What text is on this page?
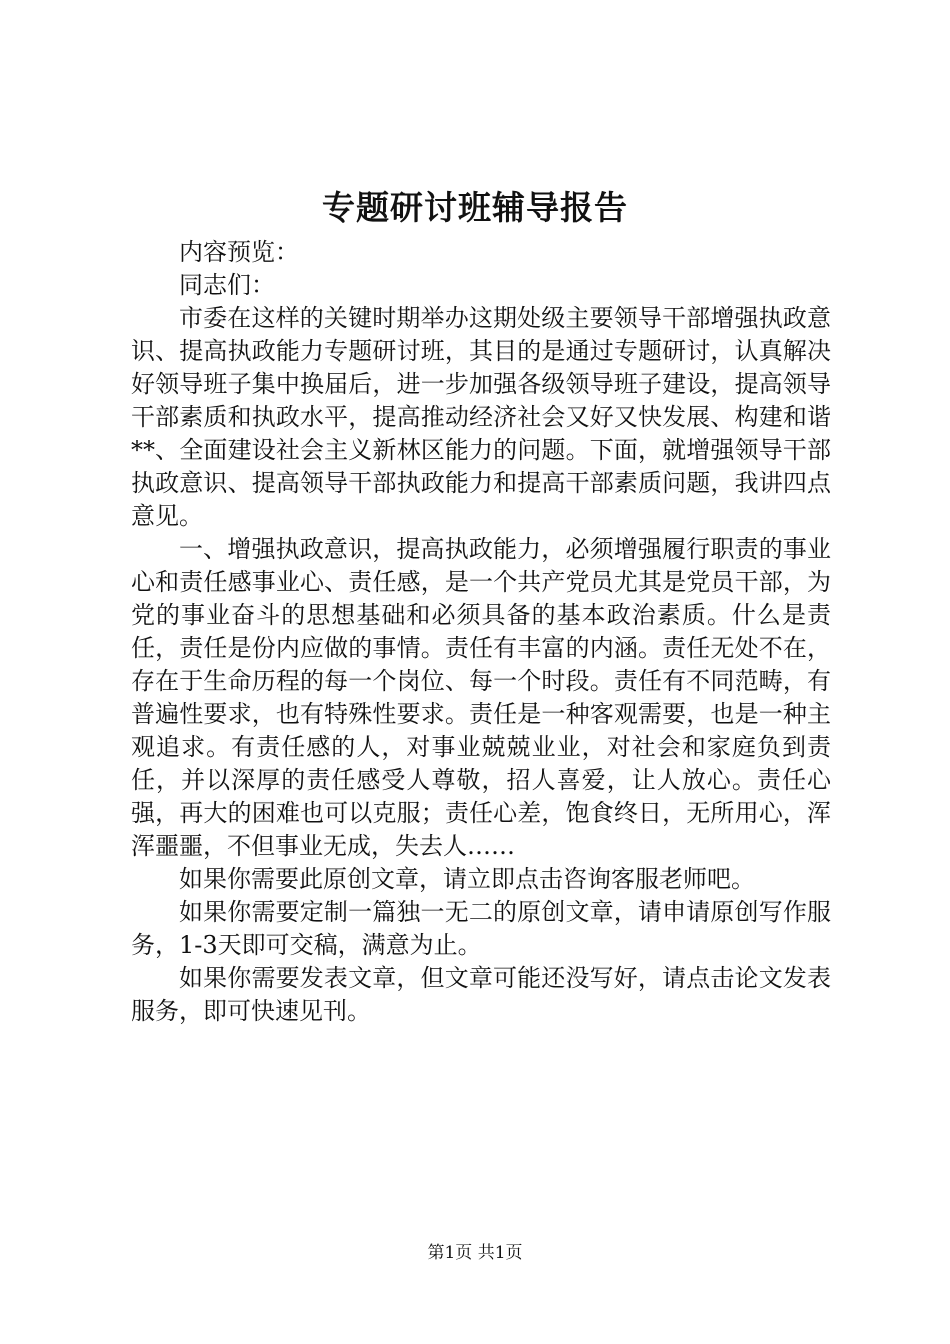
专题研讨班辅导报告

内容预览：

同志们：

市委在这样的关键时期举办这期处级主要领导干部增强执政意识、提高执政能力专题研讨班，其目的是通过专题研讨，认真解决好领导班子集中换届后，进一步加强各级领导班子建设，提高领导干部素质和执政水平，提高推动经济社会又好又快发展、构建和谐**、全面建设社会主义新林区能力的问题。下面，就增强领导干部执政意识、提高领导干部执政能力和提高干部素质问题，我讲四点意见。

一、增强执政意识，提高执政能力，必须增强履行职责的事业心和责任感事业心、责任感，是一个共产党员尤其是党员干部，为党的事业奋斗的思想基础和必须具备的基本政治素质。什么是责任，责任是份内应做的事情。责任有丰富的内涵。责任无处不在，存在于生命历程的每一个岗位、每一个时段。责任有不同范畴，有普遍性要求，也有特殊性要求。责任是一种客观需要，也是一种主观追求。有责任感的人，对事业兢兢业业，对社会和家庭负到责任，并以深厚的责任感受人尊敬，招人喜爱，让人放心。责任心强，再大的困难也可以克服；责任心差，饱食终日，无所用心，浑浑噩噩，不但事业无成，失去人……

如果你需要此原创文章，请立即点击咨询客服老师吧。

如果你需要定制一篇独一无二的原创文章，请申请原创写作服务，1-3天即可交稿，满意为止。

如果你需要发表文章，但文章可能还没写好，请点击论文发表服务，即可快速见刊。

第1页 共1页
